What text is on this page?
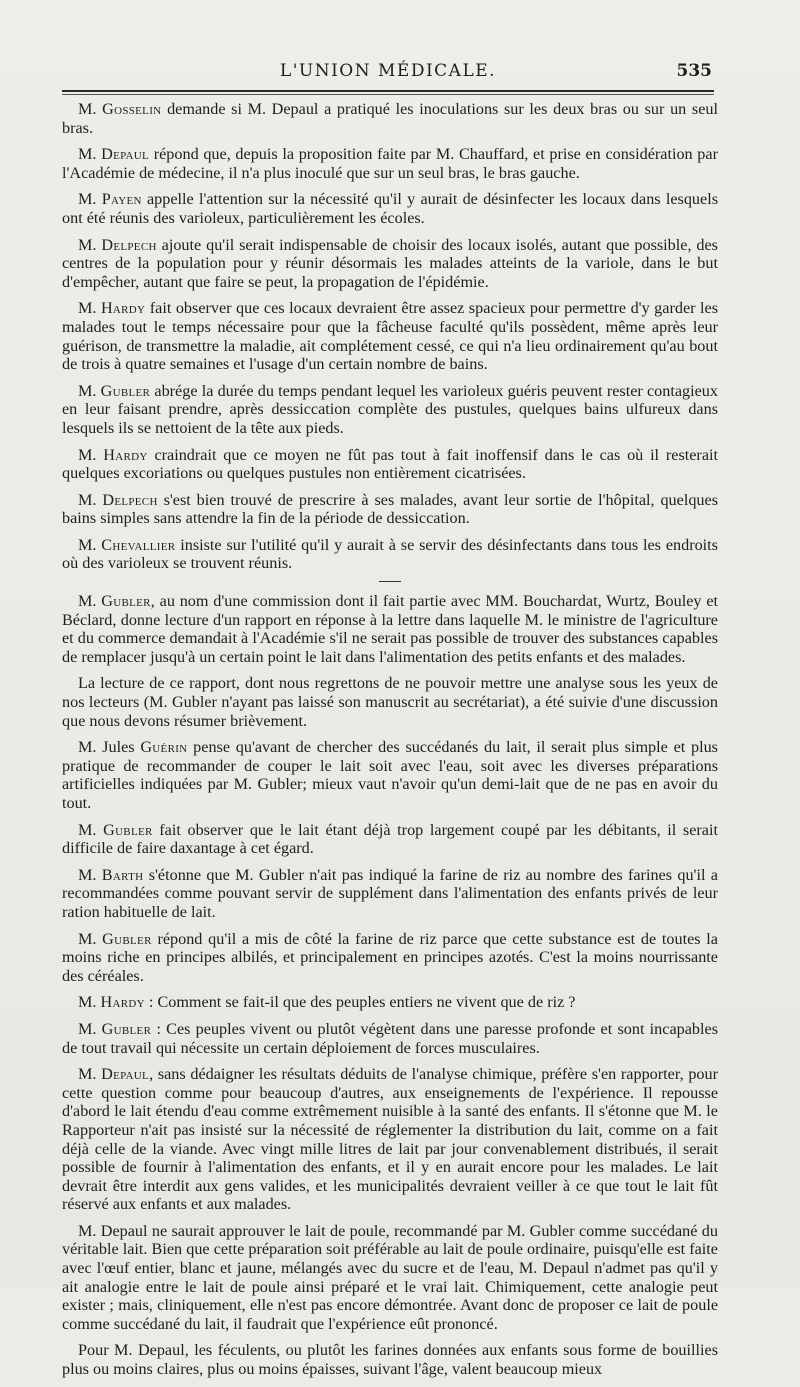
L'UNION MÉDICALE.	535

M. Gosselin demande si M. Depaul a pratiqué les inoculations sur les deux bras ou sur un seul bras.

M. Depaul répond que, depuis la proposition faite par M. Chauffard, et prise en considération par l'Académie de médecine, il n'a plus inoculé que sur un seul bras, le bras gauche.

M. Payen appelle l'attention sur la nécessité qu'il y aurait de désinfecter les locaux dans lesquels ont été réunis des varioleux, particulièrement les écoles.

M. Delpech ajoute qu'il serait indispensable de choisir des locaux isolés, autant que possible, des centres de la population pour y réunir désormais les malades atteints de la variole, dans le but d'empêcher, autant que faire se peut, la propagation de l'épidémie.

M. Hardy fait observer que ces locaux devraient être assez spacieux pour permettre d'y garder les malades tout le temps nécessaire pour que la fâcheuse faculté qu'ils possèdent, même après leur guérison, de transmettre la maladie, ait complétement cessé, ce qui n'a lieu ordinairement qu'au bout de trois à quatre semaines et l'usage d'un certain nombre de bains.

M. Gubler abrége la durée du temps pendant lequel les varioleux guéris peuvent rester contagieux en leur faisant prendre, après dessiccation complète des pustules, quelques bains ulfureux dans lesquels ils se nettoient de la tête aux pieds.

M. Hardy craindrait que ce moyen ne fût pas tout à fait inoffensif dans le cas où il resterait quelques excoriations ou quelques pustules non entièrement cicatrisées.

M. Delpech s'est bien trouvé de prescrire à ses malades, avant leur sortie de l'hôpital, quelques bains simples sans attendre la fin de la période de dessiccation.

M. Chevallier insiste sur l'utilité qu'il y aurait à se servir des désinfectants dans tous les endroits où des varioleux se trouvent réunis.

M. Gubler, au nom d'une commission dont il fait partie avec MM. Bouchardat, Wurtz, Bouley et Béclard, donne lecture d'un rapport en réponse à la lettre dans laquelle M. le ministre de l'agriculture et du commerce demandait à l'Académie s'il ne serait pas possible de trouver des substances capables de remplacer jusqu'à un certain point le lait dans l'alimentation des petits enfants et des malades.

La lecture de ce rapport, dont nous regrettons de ne pouvoir mettre une analyse sous les yeux de nos lecteurs (M. Gubler n'ayant pas laissé son manuscrit au secrétariat), a été suivie d'une discussion que nous devons résumer brièvement.

M. Jules Guérin pense qu'avant de chercher des succédanés du lait, il serait plus simple et plus pratique de recommander de couper le lait soit avec l'eau, soit avec les diverses préparations artificielles indiquées par M. Gubler; mieux vaut n'avoir qu'un demi-lait que de ne pas en avoir du tout.

M. Gubler fait observer que le lait étant déjà trop largement coupé par les débitants, il serait difficile de faire daxantage à cet égard.

M. Barth s'étonne que M. Gubler n'ait pas indiqué la farine de riz au nombre des farines qu'il a recommandées comme pouvant servir de supplément dans l'alimentation des enfants privés de leur ration habituelle de lait.

M. Gubler répond qu'il a mis de côté la farine de riz parce que cette substance est de toutes la moins riche en principes albilés, et principalement en principes azotés. C'est la moins nourrissante des céréales.

M. Hardy : Comment se fait-il que des peuples entiers ne vivent que de riz ?

M. Gubler : Ces peuples vivent ou plutôt végètent dans une paresse profonde et sont incapables de tout travail qui nécessite un certain déploiement de forces musculaires.

M. Depaul, sans dédaigner les résultats déduits de l'analyse chimique, préfère s'en rapporter, pour cette question comme pour beaucoup d'autres, aux enseignements de l'expérience. Il repousse d'abord le lait étendu d'eau comme extrêmement nuisible à la santé des enfants. Il s'étonne que M. le Rapporteur n'ait pas insisté sur la nécessité de réglementer la distribution du lait, comme on a fait déjà celle de la viande. Avec vingt mille litres de lait par jour convenablement distribués, il serait possible de fournir à l'alimentation des enfants, et il y en aurait encore pour les malades. Le lait devrait être interdit aux gens valides, et les municipalités devraient veiller à ce que tout le lait fût réservé aux enfants et aux malades.

M. Depaul ne saurait approuver le lait de poule, recommandé par M. Gubler comme succédané du véritable lait. Bien que cette préparation soit préférable au lait de poule ordinaire, puisqu'elle est faite avec l'œuf entier, blanc et jaune, mélangés avec du sucre et de l'eau, M. Depaul n'admet pas qu'il y ait analogie entre le lait de poule ainsi préparé et le vrai lait. Chimiquement, cette analogie peut exister ; mais, cliniquement, elle n'est pas encore démontrée. Avant donc de proposer ce lait de poule comme succédané du lait, il faudrait que l'expérience eût prononcé.

Pour M. Depaul, les féculents, ou plutôt les farines données aux enfants sous forme de bouillies plus ou moins claires, plus ou moins épaisses, suivant l'âge, valent beaucoup mieux
